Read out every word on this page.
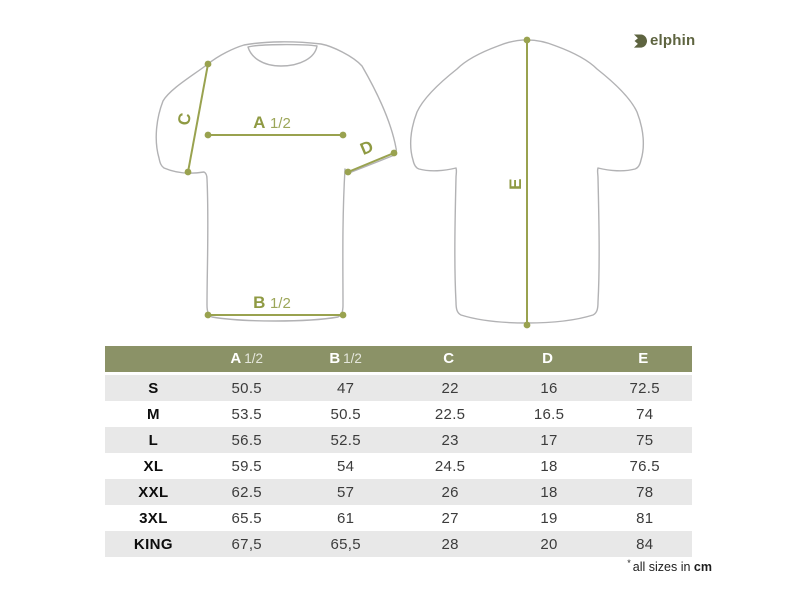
A 1/2
B 1/2
C
D
E
elphin
	A 1/2	B 1/2	C	D	E
S	50.5	47	22	16	72.5
M	53.5	50.5	22.5	16.5	74
L	56.5	52.5	23	17	75
XL	59.5	54	24.5	18	76.5
XXL	62.5	57	26	18	78
3XL	65.5	61	27	19	81
KING	67,5	65,5	28	20	84
* all sizes in cm
